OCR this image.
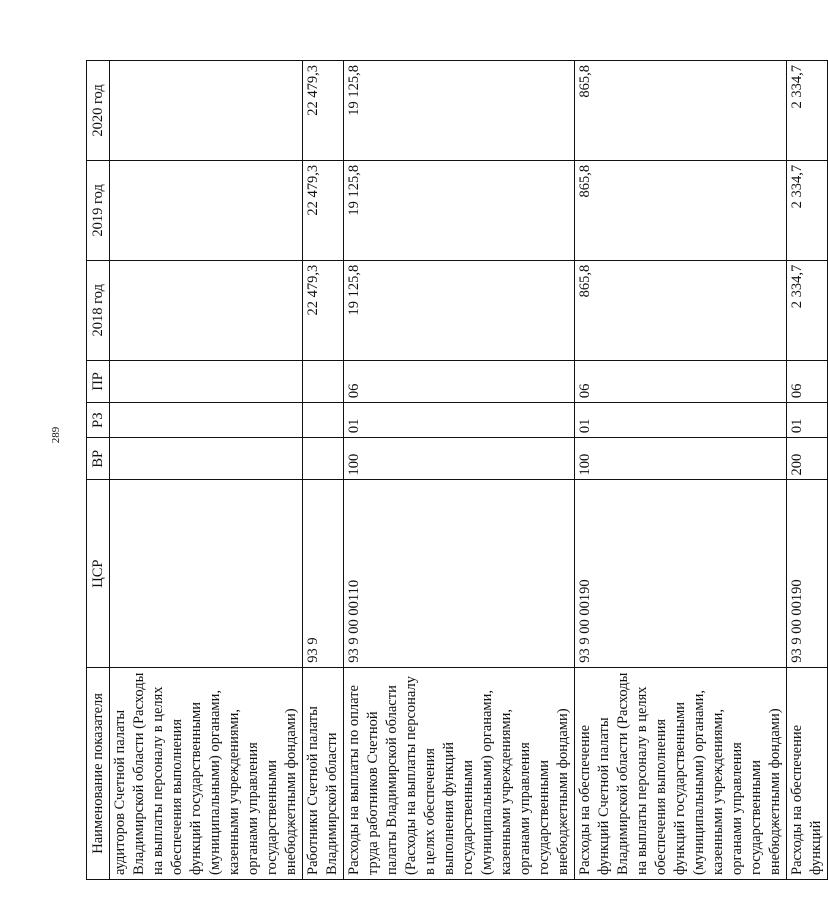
289
Наименование показателя	ЦСР	ВР	РЗ	ПР	2018 год	2019 год	2020 год
аудиторов Счетной палаты Владимирской области (Расходы на выплаты персоналу в целях обеспечения выполнения функций государственными (муниципальными) органами, казенными учреждениями, органами управления государственными внебюджетными фондами)							
Работники Счетной палаты Владимирской области	93 9				22 479,3	22 479,3	22 479,3
Расходы на выплаты по оплате труда работников Счетной палаты Владимирской области (Расходы на выплаты персоналу в целях обеспечения выполнения функций государственными (муниципальными) органами, казенными учреждениями, органами управления государственными внебюджетными фондами)	93 9 00 00110	100	01	06	19 125,8	19 125,8	19 125,8
Расходы на обеспечение функций Счетной палаты Владимирской области (Расходы на выплаты персоналу в целях обеспечения выполнения функций государственными (муниципальными) органами, казенными учреждениями, органами управления государственными внебюджетными фондами)	93 9 00 00190	100	01	06	865,8	865,8	865,8
Расходы на обеспечение функций	93 9 00 00190	200	01	06	2 334,7	2 334,7	2 334,7
